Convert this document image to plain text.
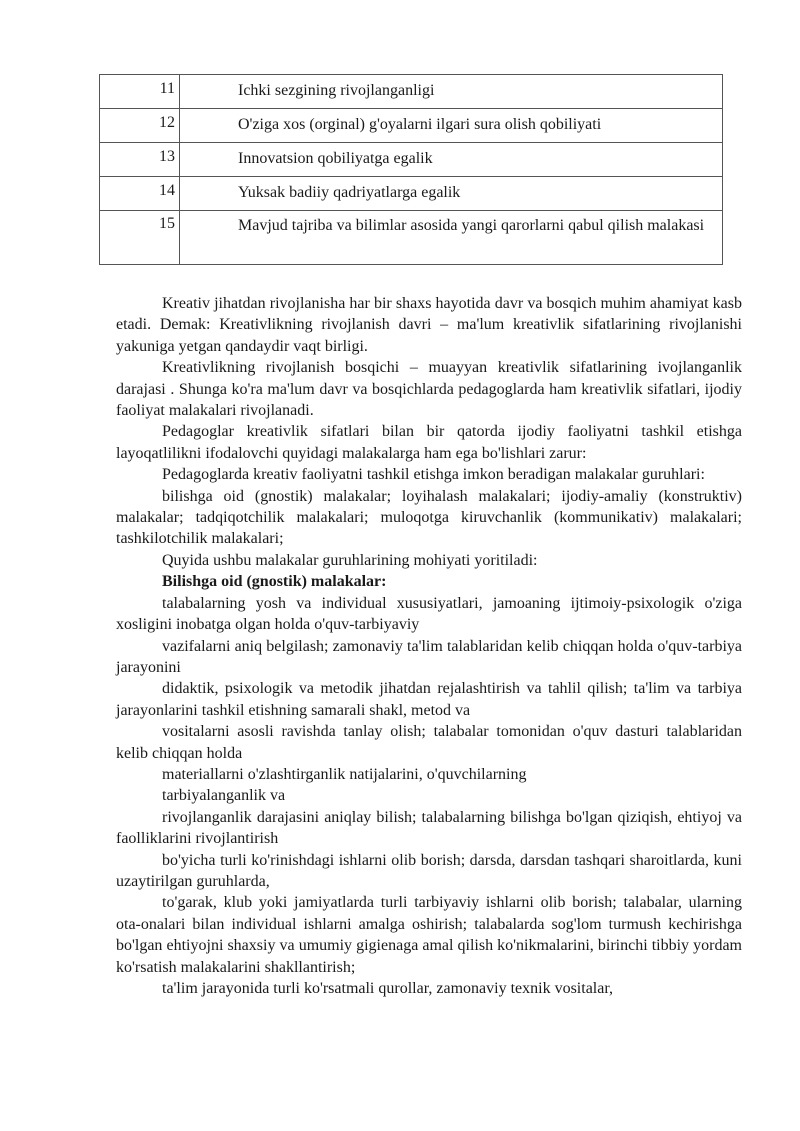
11	Ichki sezgining rivojlanganligi

12	O'ziga xos (orginal) g'oyalarni ilgari sura olish qobiliyati

13	Innovatsion qobiliyatga egalik

14	Yuksak badiiy qadriyatlarga egalik

15	Mavjud tajriba va bilimlar asosida yangi qarorlarni qabul qilish malakasi

Kreativ jihatdan rivojlanisha har bir shaxs hayotida davr va bosqich muhim ahamiyat kasb etadi. Demak: Kreativlikning rivojlanish davri – ma'lum kreativlik sifatlarining rivojlanishi yakuniga yetgan qandaydir vaqt birligi.

Kreativlikning rivojlanish bosqichi – muayyan kreativlik sifatlarining ivojlanganlik darajasi . Shunga ko'ra ma'lum davr va bosqichlarda pedagoglarda ham kreativlik sifatlari, ijodiy faoliyat malakalari rivojlanadi.

Pedagoglar kreativlik sifatlari bilan bir qatorda ijodiy faoliyatni tashkil etishga layoqatlilikni ifodalovchi quyidagi malakalarga ham ega bo'lishlari zarur:

Pedagoglarda kreativ faoliyatni tashkil etishga imkon beradigan malakalar guruhlari:

bilishga oid (gnostik) malakalar; loyihalash malakalari; ijodiy-amaliy (konstruktiv) malakalar; tadqiqotchilik malakalari; muloqotga kiruvchanlik (kommunikativ) malakalari; tashkilotchilik malakalari;

Quyida ushbu malakalar guruhlarining mohiyati yoritiladi:

Bilishga oid (gnostik) malakalar:

talabalarning yosh va individual xususiyatlari, jamoaning ijtimoiy-psixologik o'ziga xosligini inobatga olgan holda o'quv-tarbiyaviy

vazifalarni aniq belgilash; zamonaviy ta'lim talablaridan kelib chiqqan holda o'quv-tarbiya jarayonini

didaktik, psixologik va metodik jihatdan rejalashtirish va tahlil qilish; ta'lim va tarbiya jarayonlarini tashkil etishning samarali shakl, metod va

vositalarni asosli ravishda tanlay olish; talabalar tomonidan o'quv dasturi talablaridan kelib chiqqan holda

materiallarni o'zlashtirganlik natijalarini, o'quvchilarning

tarbiyalanganlik va

rivojlanganlik darajasini aniqlay bilish; talabalarning bilishga bo'lgan qiziqish, ehtiyoj va faolliklarini rivojlantirish

bo'yicha turli ko'rinishdagi ishlarni olib borish; darsda, darsdan tashqari sharoitlarda, kuni uzaytirilgan guruhlarda,

to'garak, klub yoki jamiyatlarda turli tarbiyaviy ishlarni olib borish; talabalar, ularning ota-onalari bilan individual ishlarni amalga oshirish; talabalarda sog'lom turmush kechirishga bo'lgan ehtiyojni shaxsiy va umumiy gigienaga amal qilish ko'nikmalarini, birinchi tibbiy yordam ko'rsatish malakalarini shakllantirish;

ta'lim jarayonida turli ko'rsatmali qurollar, zamonaviy texnik vositalar,
